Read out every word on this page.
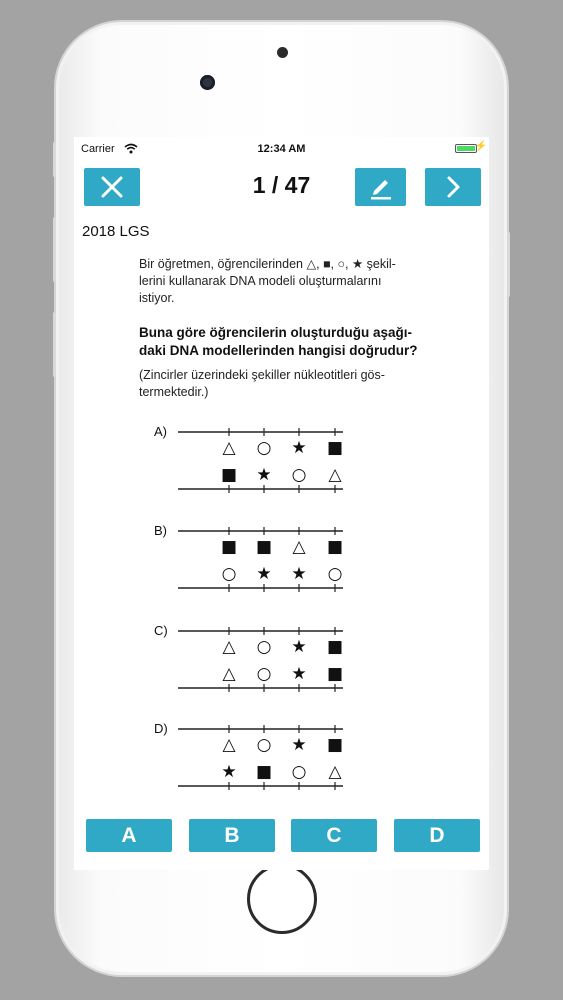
Carrier	12:34 AM	⚡
1 / 47
2018 LGS
Bir öğretmen, öğrencilerinden △, ■, ○, ★ şekil-
lerini kullanarak DNA modeli oluşturmalarını
istiyor.
Buna göre öğrencilerin oluşturduğu aşağı-
daki DNA modellerinden hangisi doğrudur?
(Zincirler üzerindeki şekiller nükleotitleri gös-
termektedir.)
A)
△ ○ ★ ■
■ ★ ○ △
B)
■ ■ △ ■
○ ★ ★ ○
C)
△ ○ ★ ■
△ ○ ★ ■
D)
△ ○ ★ ■
★ ■ ○ △
A	B	C	D
